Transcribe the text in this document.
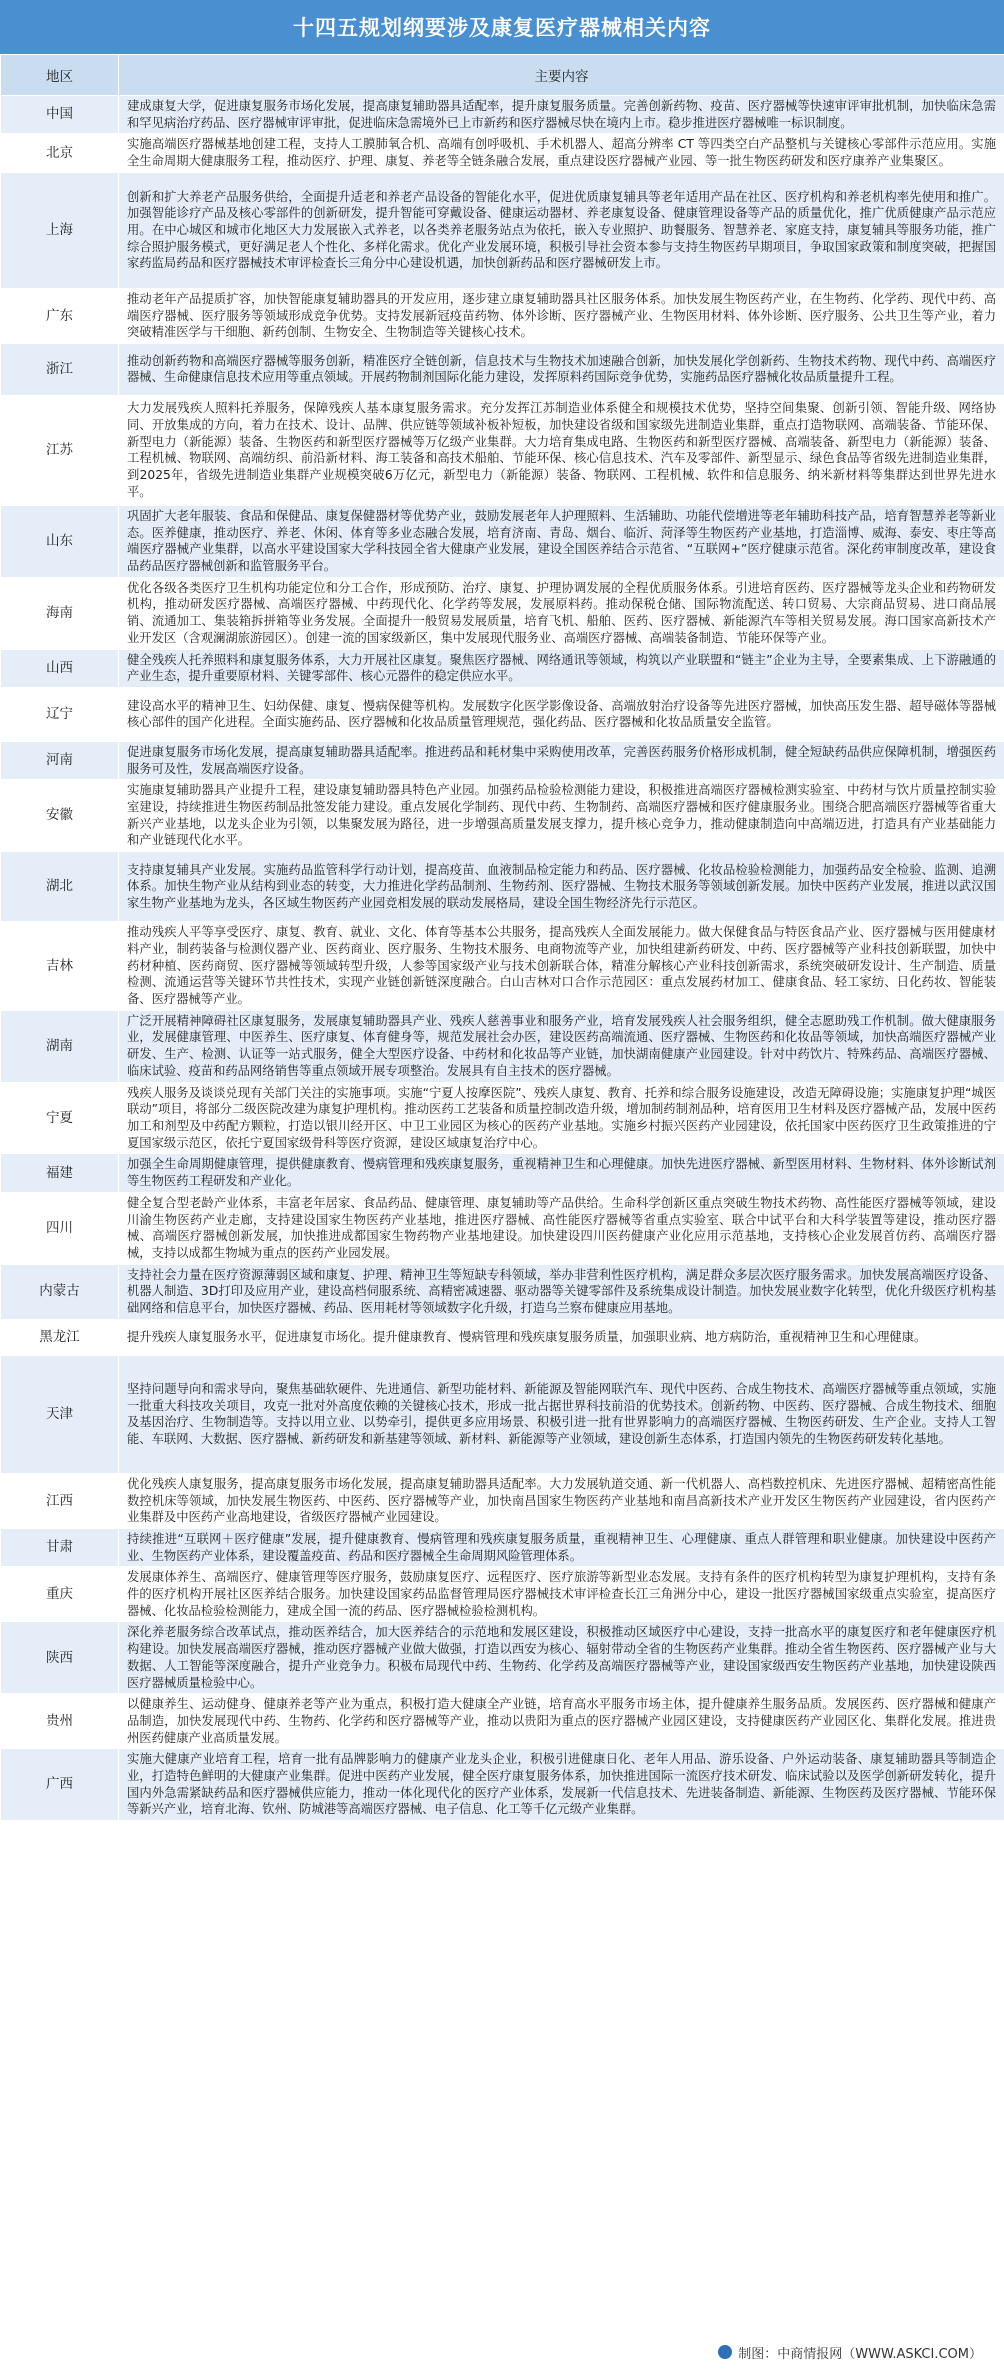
十四五规划纲要涉及康复医疗器械相关内容
地区	主要内容
中国	建成康复大学，促进康复服务市场化发展，提高康复辅助器具适配率，提升康复服务质量。完善创新药物、疫苗、医疗器械等快速审评审批机制，加快临床急需和罕见病治疗药品、医疗器械审评审批，促进临床急需境外已上市新药和医疗器械尽快在境内上市。稳步推进医疗器械唯一标识制度。
北京	实施高端医疗器械基地创建工程，支持人工膜肺氧合机、高端有创呼吸机、手术机器人、超高分辨率 CT 等四类空白产品整机与关键核心零部件示范应用。实施全生命周期大健康服务工程，推动医疗、护理、康复、养老等全链条融合发展，重点建设医疗器械产业园、等一批生物医药研发和医疗康养产业集聚区。
上海	创新和扩大养老产品服务供给，全面提升适老和养老产品设备的智能化水平，促进优质康复辅具等老年适用产品在社区、医疗机构和养老机构率先使用和推广。加强智能诊疗产品及核心零部件的创新研发，提升智能可穿戴设备、健康运动器材、养老康复设备、健康管理设备等产品的质量优化，推广优质健康产品示范应用。在中心城区和城市化地区大力发展嵌入式养老，以各类养老服务站点为依托，嵌入专业照护、助餐服务、智慧养老、家庭支持，康复辅具等服务功能，推广综合照护服务模式，更好满足老人个性化、多样化需求。优化产业发展环境，积极引导社会资本参与支持生物医药早期项目，争取国家政策和制度突破，把握国家药监局药品和医疗器械技术审评检查长三角分中心建设机遇，加快创新药品和医疗器械研发上市。
广东	推动老年产品提质扩容，加快智能康复辅助器具的开发应用，逐步建立康复辅助器具社区服务体系。加快发展生物医药产业，在生物药、化学药、现代中药、高端医疗器械、医疗服务等领域形成竞争优势。支持发展新冠疫苗药物、体外诊断、医疗器械产业、生物医用材料、体外诊断、医疗服务、公共卫生等产业，着力突破精准医学与干细胞、新药创制、生物安全、生物制造等关键核心技术。
浙江	推动创新药物和高端医疗器械等服务创新，精准医疗全链创新，信息技术与生物技术加速融合创新，加快发展化学创新药、生物技术药物、现代中药、高端医疗器械、生命健康信息技术应用等重点领域。开展药物制剂国际化能力建设，发挥原料药国际竞争优势，实施药品医疗器械化妆品质量提升工程。
江苏	大力发展残疾人照料托养服务，保障残疾人基本康复服务需求。充分发挥江苏制造业体系健全和规模技术优势，坚持空间集聚、创新引领、智能升级、网络协同、开放集成的方向，着力在技术、设计、品牌、供应链等领域补板补短板，加快建设省级和国家级先进制造业集群，重点打造物联网、高端装备、节能环保、新型电力（新能源）装备、生物医药和新型医疗器械等万亿级产业集群。大力培育集成电路、生物医药和新型医疗器械、高端装备、新型电力（新能源）装备、工程机械、物联网、高端纺织、前沿新材料、海工装备和高技术船舶、节能环保、核心信息技术、汽车及零部件、新型显示、绿色食品等省级先进制造业集群，到2025年，省级先进制造业集群产业规模突破6万亿元，新型电力（新能源）装备、物联网、工程机械、软件和信息服务、纳米新材料等集群达到世界先进水平。
山东	巩固扩大老年服装、食品和保健品、康复保健器材等优势产业，鼓励发展老年人护理照料、生活辅助、功能代偿增进等老年辅助科技产品，培育智慧养老等新业态。医养健康，推动医疗、养老、休闲、体育等多业态融合发展，培育济南、青岛、烟台、临沂、菏泽等生物医药产业基地，打造淄博、威海、泰安、枣庄等高端医疗器械产业集群，以高水平建设国家大学科技园全省大健康产业发展，建设全国医养结合示范省、“互联网+”医疗健康示范省。深化药审制度改革，建设食品药品医疗器械创新和监管服务平台。
海南	优化各级各类医疗卫生机构功能定位和分工合作，形成预防、治疗、康复、护理协调发展的全程优质服务体系。引进培育医药、医疗器械等龙头企业和药物研发机构，推动研发医疗器械、高端医疗器械、中药现代化、化学药等发展，发展原料药。推动保税仓储、国际物流配送、转口贸易、大宗商品贸易、进口商品展销、流通加工、集装箱拆拼箱等业务发展。全面提升一般贸易发展质量，培育飞机、船舶、医药、医疗器械、新能源汽车等相关贸易发展。海口国家高新技术产业开发区（含观澜湖旅游园区）。创建一流的国家级新区，集中发展现代服务业、高端医疗器械、高端装备制造、节能环保等产业。
山西	健全残疾人托养照料和康复服务体系，大力开展社区康复。聚焦医疗器械、网络通讯等领域，构筑以产业联盟和“链主”企业为主导，全要素集成、上下游融通的产业生态，提升重要原材料、关键零部件、核心元器件的稳定供应水平。
辽宁	建设高水平的精神卫生、妇幼保健、康复、慢病保健等机构。发展数字化医学影像设备、高端放射治疗设备等先进医疗器械，加快高压发生器、超导磁体等器械核心部件的国产化进程。全面实施药品、医疗器械和化妆品质量管理规范，强化药品、医疗器械和化妆品质量安全监管。
河南	促进康复服务市场化发展，提高康复辅助器具适配率。推进药品和耗材集中采购使用改革，完善医药服务价格形成机制，健全短缺药品供应保障机制，增强医药服务可及性，发展高端医疗设备。
安徽	实施康复辅助器具产业提升工程，建设康复辅助器具特色产业园。加强药品检验检测能力建设，积极推进高端医疗器械检测实验室、中药材与饮片质量控制实验室建设，持续推进生物医药制品批签发能力建设。重点发展化学制药、现代中药、生物制药、高端医疗器械和医疗健康服务业。围绕合肥高端医疗器械等省重大新兴产业基地，以龙头企业为引领，以集聚发展为路径，进一步增强高质量发展支撑力，提升核心竞争力，推动健康制造向中高端迈进，打造具有产业基础能力和产业链现代化水平。
湖北	支持康复辅具产业发展。实施药品监管科学行动计划，提高疫苗、血液制品检定能力和药品、医疗器械、化妆品检验检测能力，加强药品安全检验、监测、追溯体系。加快生物产业从结构到业态的转变，大力推进化学药品制剂、生物药剂、医疗器械、生物技术服务等领域创新发展。加快中医药产业发展，推进以武汉国家生物产业基地为龙头，各区域生物医药产业园竞相发展的联动发展格局，建设全国生物经济先行示范区。
吉林	推动残疾人平等享受医疗、康复、教育、就业、文化、体育等基本公共服务，提高残疾人全面发展能力。做大保健食品与特医食品产业、医疗器械与医用健康材料产业，制药装备与检测仪器产业、医药商业、医疗服务、生物技术服务、电商物流等产业，加快组建新药研发、中药、医疗器械等产业科技创新联盟，加快中药材种植、医药商贸、医疗器械等领域转型升级，人参等国家级产业与技术创新联合体，精准分解核心产业科技创新需求，系统突破研发设计、生产制造、质量检测、流通运营等关键环节共性技术，实现产业链创新链深度融合。白山吉林对口合作示范园区：重点发展药材加工、健康食品、轻工家纺、日化药妆、智能装备、医疗器械等产业。
湖南	广泛开展精神障碍社区康复服务，发展康复辅助器具产业、残疾人慈善事业和服务产业，培育发展残疾人社会服务组织，健全志愿助残工作机制。做大健康服务业，发展健康管理、中医养生、医疗康复、体育健身等，规范发展社会办医，建设医药高端流通、医疗器械、生物医药和化妆品等领域，加快高端医疗器械产业研发、生产、检测、认证等一站式服务，健全大型医疗设备、中药材和化妆品等产业链，加快湖南健康产业园建设。针对中药饮片、特殊药品、高端医疗器械、临床试验、疫苗和药品网络销售等重点领域开展专项整治。发展具有自主技术的医疗器械。
宁夏	残疾人服务及谈谈兑现有关部门关注的实施事项。实施“宁夏人按摩医院”、残疾人康复、教育、托养和综合服务设施建设，改造无障碍设施；实施康复护理“城医联动”项目，将部分二级医院改建为康复护理机构。推动医药工艺装备和质量控制改造升级，增加制药制剂品种，培育医用卫生材料及医疗器械产品，发展中医药加工和剂型及中药配方颗粒，打造以银川经开区、中卫工业园区为核心的医药产业基地。实施乡村振兴医药产业园建设，依托国家中医药医疗卫生政策推进的宁夏国家级示范区，依托宁夏国家级骨科等医疗资源，建设区域康复治疗中心。
福建	加强全生命周期健康管理，提供健康教育、慢病管理和残疾康复服务，重视精神卫生和心理健康。加快先进医疗器械、新型医用材料、生物材料、体外诊断试剂等生物医药工程研发和产业化。
四川	健全复合型老龄产业体系，丰富老年居家、食品药品、健康管理、康复辅助等产品供给。生命科学创新区重点突破生物技术药物、高性能医疗器械等领域，建设川渝生物医药产业走廊，支持建设国家生物医药产业基地，推进医疗器械、高性能医疗器械等省重点实验室、联合中试平台和大科学装置等建设，推动医疗器械、高端医疗器械创新发展，加快推进成都国家生物药物产业基地建设。加快建设四川医药健康产业化应用示范基地，支持核心企业发展首仿药、高端医疗器械，支持以成都生物城为重点的医药产业园发展。
内蒙古	支持社会力量在医疗资源薄弱区域和康复、护理、精神卫生等短缺专科领域，举办非营利性医疗机构，满足群众多层次医疗服务需求。加快发展高端医疗设备、机器人制造、3D打印及应用产业，建设高档伺服系统、高精密减速器、驱动器等关键零部件及系统集成设计制造。加快发展业数字化转型，优化升级医疗机构基础网络和信息平台，加快医疗器械、药品、医用耗材等领域数字化升级，打造乌兰察布健康应用基地。
黑龙江	提升残疾人康复服务水平，促进康复市场化。提升健康教育、慢病管理和残疾康复服务质量，加强职业病、地方病防治，重视精神卫生和心理健康。
天津	坚持问题导向和需求导向，聚焦基础软硬件、先进通信、新型功能材料、新能源及智能网联汽车、现代中医药、合成生物技术、高端医疗器械等重点领域，实施一批重大科技攻关项目，攻克一批对外高度依赖的关键核心技术，形成一批占据世界科技前沿的优势技术。创新药物、中医药、医疗器械、合成生物技术、细胞及基因治疗、生物制造等。支持以用立业、以势牵引，提供更多应用场景、积极引进一批有世界影响力的高端医疗器械、生物医药研发、生产企业。支持人工智能、车联网、大数据、医疗器械、新药研发和新基建等领域、新材料、新能源等产业领域，建设创新生态体系，打造国内领先的生物医药研发转化基地。
江西	优化残疾人康复服务，提高康复服务市场化发展，提高康复辅助器具适配率。大力发展轨道交通、新一代机器人、高档数控机床、先进医疗器械、超精密高性能数控机床等领域，加快发展生物医药、中医药、医疗器械等产业，加快南昌国家生物医药产业基地和南昌高新技术产业开发区生物医药产业园建设，省内医药产业集群及中医药产业高地建设，省级医疗器械产业园建设。
甘肃	持续推进“互联网＋医疗健康”发展，提升健康教育、慢病管理和残疾康复服务质量，重视精神卫生、心理健康、重点人群管理和职业健康。加快建设中医药产业、生物医药产业体系，建设覆盖疫苗、药品和医疗器械全生命周期风险管理体系。
重庆	发展康体养生、高端医疗、健康管理等医疗服务，鼓励康复医疗、远程医疗、医疗旅游等新型业态发展。支持有条件的医疗机构转型为康复护理机构，支持有条件的医疗机构开展社区医养结合服务。加快建设国家药品监督管理局医疗器械技术审评检查长江三角洲分中心，建设一批医疗器械国家级重点实验室，提高医疗器械、化妆品检验检测能力，建成全国一流的药品、医疗器械检验检测机构。
陕西	深化养老服务综合改革试点，推动医养结合，加大医养结合的示范地和发展区建设，积极推动区域医疗中心建设，支持一批高水平的康复医疗和老年健康医疗机构建设。加快发展高端医疗器械，推动医疗器械产业做大做强，打造以西安为核心、辐射带动全省的生物医药产业集群。推动全省生物医药、医疗器械产业与大数据、人工智能等深度融合，提升产业竞争力。积极布局现代中药、生物药、化学药及高端医疗器械等产业，建设国家级西安生物医药产业基地，加快建设陕西医疗器械质量检验中心。
贵州	以健康养生、运动健身、健康养老等产业为重点，积极打造大健康全产业链，培育高水平服务市场主体，提升健康养生服务品质。发展医药、医疗器械和健康产品制造，加快发展现代中药、生物药、化学药和医疗器械等产业，推动以贵阳为重点的医疗器械产业园区建设，支持健康医药产业园区化、集群化发展。推进贵州医药健康产业高质量发展。
广西	实施大健康产业培育工程，培育一批有品牌影响力的健康产业龙头企业，积极引进健康日化、老年人用品、游乐设备、户外运动装备、康复辅助器具等制造企业，打造特色鲜明的大健康产业集群。促进中医药产业发展，健全医疗康复服务体系，加快推进国际一流医疗技术研发、临床试验以及医学创新研发转化，提升国内外急需紧缺药品和医疗器械供应能力，推动一体化现代化的医疗产业体系，发展新一代信息技术、先进装备制造、新能源、生物医药及医疗器械、节能环保等新兴产业，培育北海、钦州、防城港等高端医疗器械、电子信息、化工等千亿元级产业集群。
制图：中商情报网（WWW.ASKCI.COM）
